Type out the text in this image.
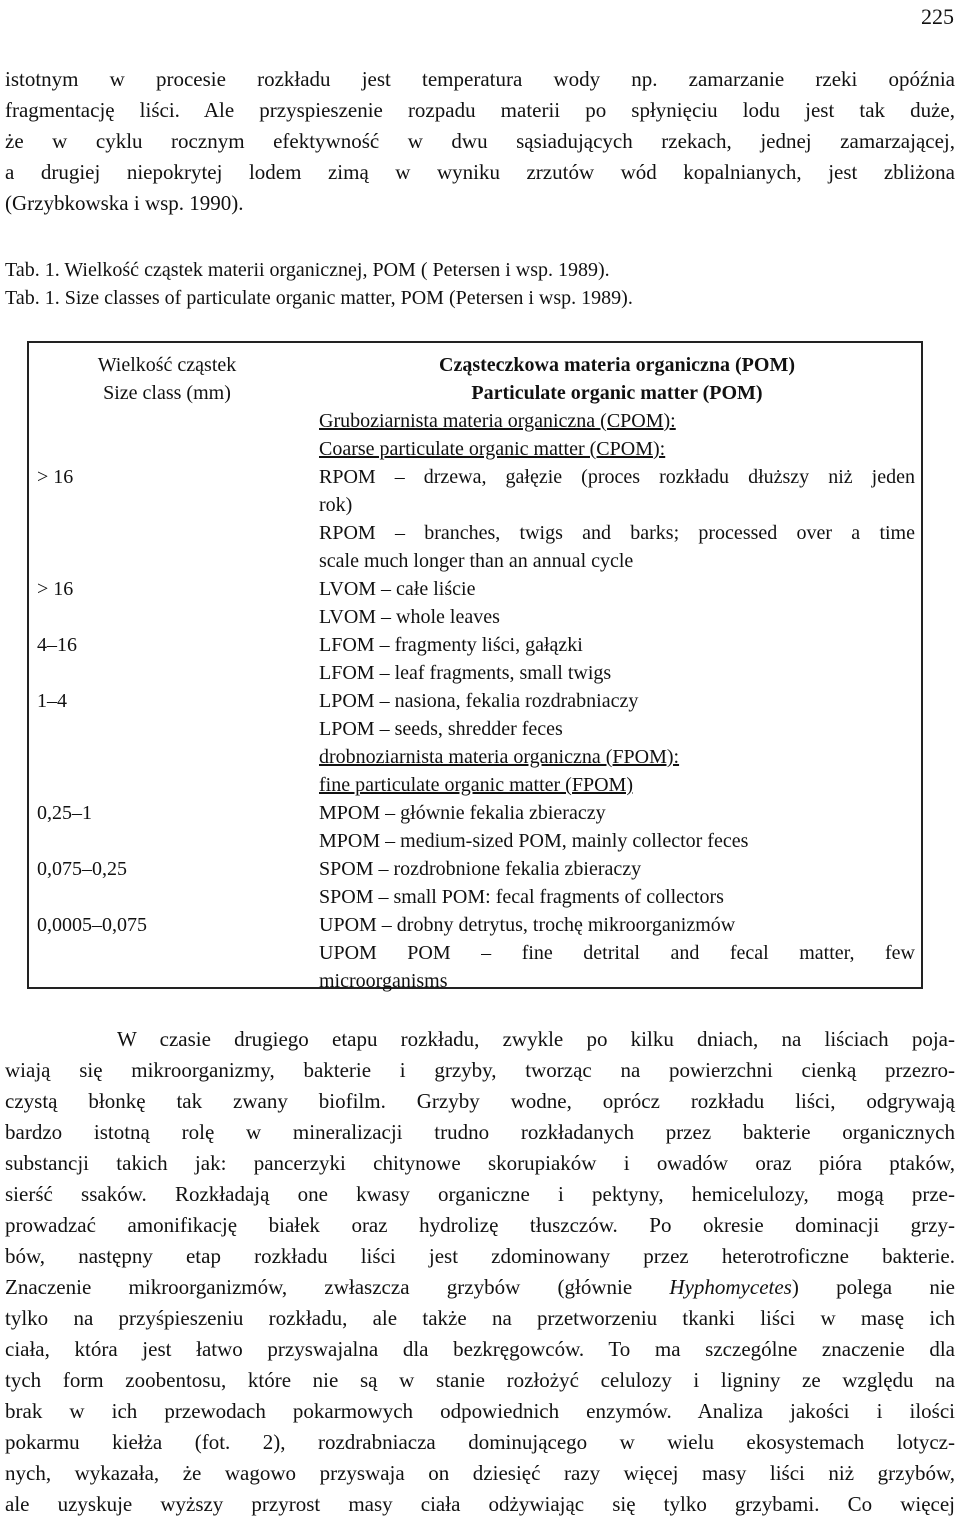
225
istotnym w procesie rozkładu jest temperatura wody np. zamarzanie rzeki opóźnia
fragmentację liści. Ale przyspieszenie rozpadu materii po spłynięciu lodu jest tak duże,
że w cyklu rocznym efektywność w dwu sąsiadujących rzekach, jednej zamarzającej,
a drugiej niepokrytej lodem zimą w wyniku zrzutów wód kopalnianych, jest zbliżona
(Grzybkowska i wsp. 1990).
Tab. 1. Wielkość cząstek materii organicznej, POM ( Petersen i wsp. 1989).
Tab. 1. Size classes of particulate organic matter, POM (Petersen i wsp. 1989).
Wielkość cząstek
Size class (mm)
> 16
> 16
4–16
1–4
0,25–1
0,075–0,25
0,0005–0,075
Cząsteczkowa materia organiczna (POM)
Particulate organic matter (POM)
Gruboziarnista materia organiczna (CPOM):
Coarse particulate organic matter (CPOM):
RPOM – drzewa, gałęzie (proces rozkładu dłuższy niż jeden
rok)
RPOM – branches, twigs and barks; processed over a time
scale much longer than an annual cycle
LVOM – całe liście
LVOM – whole leaves
LFOM – fragmenty liści, gałązki
LFOM – leaf fragments, small twigs
LPOM – nasiona, fekalia rozdrabniaczy
LPOM – seeds, shredder feces
drobnoziarnista materia organiczna (FPOM):
fine particulate organic matter (FPOM)
MPOM – głównie fekalia zbieraczy
MPOM – medium-sized POM, mainly collector feces
SPOM – rozdrobnione fekalia zbieraczy
SPOM – small POM: fecal fragments of collectors
UPOM – drobny detrytus, trochę mikroorganizmów
UPOM POM – fine detrital and fecal matter, few
microorganisms
W czasie drugiego etapu rozkładu, zwykle po kilku dniach, na liściach poja-
wiają się mikroorganizmy, bakterie i grzyby, tworząc na powierzchni cienką przezro-
czystą błonkę tak zwany biofilm. Grzyby wodne, oprócz rozkładu liści, odgrywają
bardzo istotną rolę w mineralizacji trudno rozkładanych przez bakterie organicznych
substancji takich jak: pancerzyki chitynowe skorupiaków i owadów oraz pióra ptaków,
sierść ssaków. Rozkładają one kwasy organiczne i pektyny, hemicelulozy, mogą prze-
prowadzać amonifikację białek oraz hydrolizę tłuszczów. Po okresie dominacji grzy-
bów, następny etap rozkładu liści jest zdominowany przez heterotroficzne bakterie.
Znaczenie mikroorganizmów, zwłaszcza grzybów (głównie Hyphomycetes) polega nie
tylko na przyśpieszeniu rozkładu, ale także na przetworzeniu tkanki liści w masę ich
ciała, która jest łatwo przyswajalna dla bezkręgowców. To ma szczególne znaczenie dla
tych form zoobentosu, które nie są w stanie rozłożyć celulozy i ligniny ze względu na
brak w ich przewodach pokarmowych odpowiednich enzymów. Analiza jakości i ilości
pokarmu kiełża (fot. 2), rozdrabniacza dominującego w wielu ekosystemach lotycz-
nych, wykazała, że wagowo przyswaja on dziesięć razy więcej masy liści niż grzybów,
ale uzyskuje wyższy przyrost masy ciała odżywiając się tylko grzybami. Co więcej
